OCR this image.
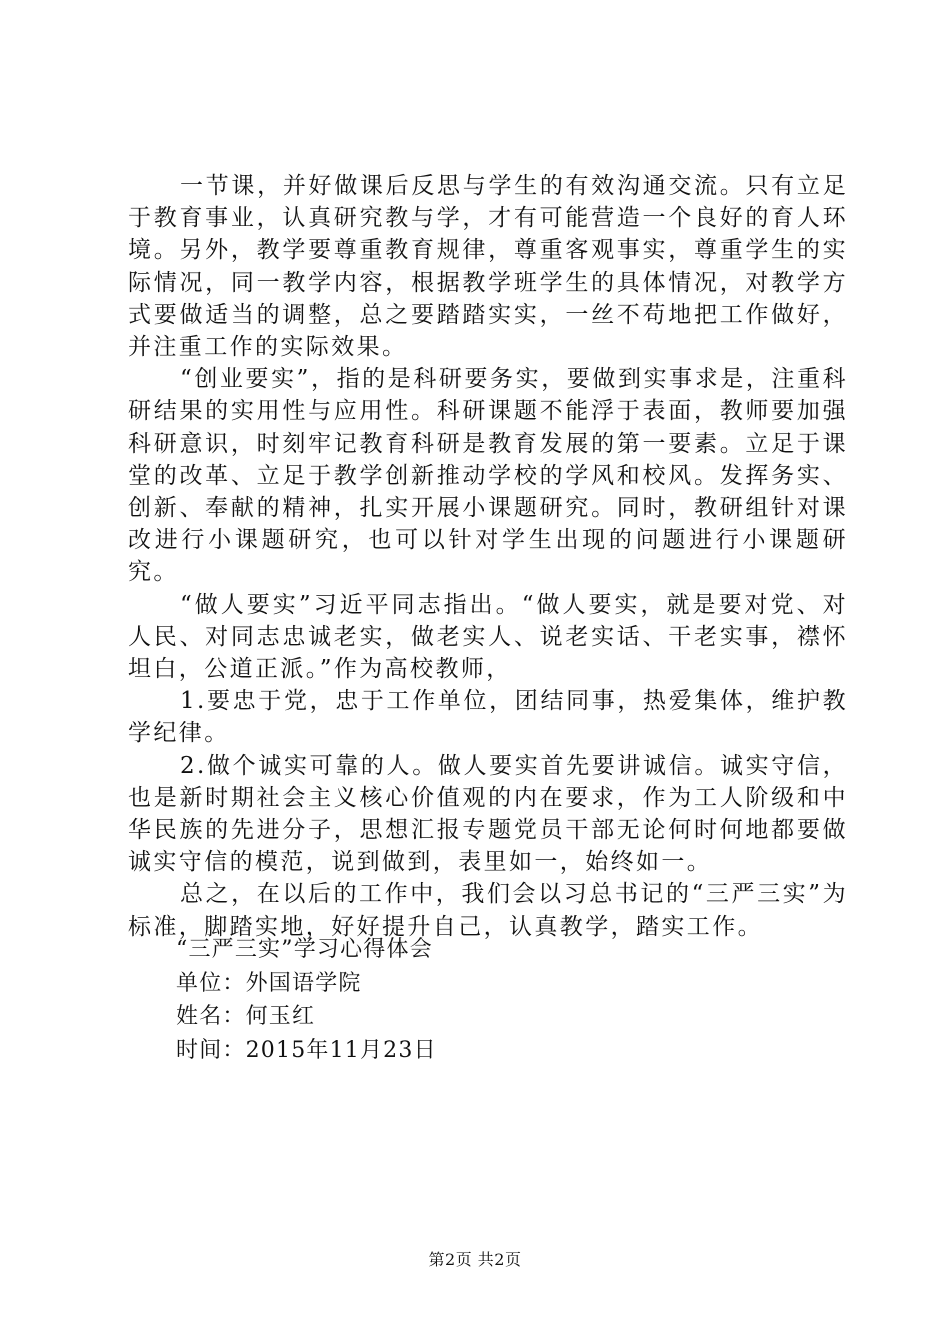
一节课，并好做课后反思与学生的有效沟通交流。只有立足于教育事业，认真研究教与学，才有可能营造一个良好的育人环境。另外，教学要尊重教育规律，尊重客观事实，尊重学生的实际情况，同一教学内容，根据教学班学生的具体情况，对教学方式要做适当的调整，总之要踏踏实实，一丝不苟地把工作做好，并注重工作的实际效果。

“创业要实”，指的是科研要务实，要做到实事求是，注重科研结果的实用性与应用性。科研课题不能浮于表面，教师要加强科研意识，时刻牢记教育科研是教育发展的第一要素。立足于课堂的改革、立足于教学创新推动学校的学风和校风。发挥务实、创新、奉献的精神，扎实开展小课题研究。同时，教研组针对课改进行小课题研究，也可以针对学生出现的问题进行小课题研究。

“做人要实”习近平同志指出。“做人要实，就是要对党、对人民、对同志忠诚老实，做老实人、说老实话、干老实事，襟怀坦白，公道正派。”作为高校教师，

1.要忠于党，忠于工作单位，团结同事，热爱集体，维护教学纪律。

2.做个诚实可靠的人。做人要实首先要讲诚信。诚实守信，也是新时期社会主义核心价值观的内在要求，作为工人阶级和中华民族的先进分子，思想汇报专题党员干部无论何时何地都要做诚实守信的模范，说到做到，表里如一，始终如一。

总之，在以后的工作中，我们会以习总书记的“三严三实”为标准，脚踏实地，好好提升自己，认真教学，踏实工作。

“三严三实”学习心得体会

单位：外国语学院

姓名：何玉红

时间：2015年11月23日

第2页 共2页
